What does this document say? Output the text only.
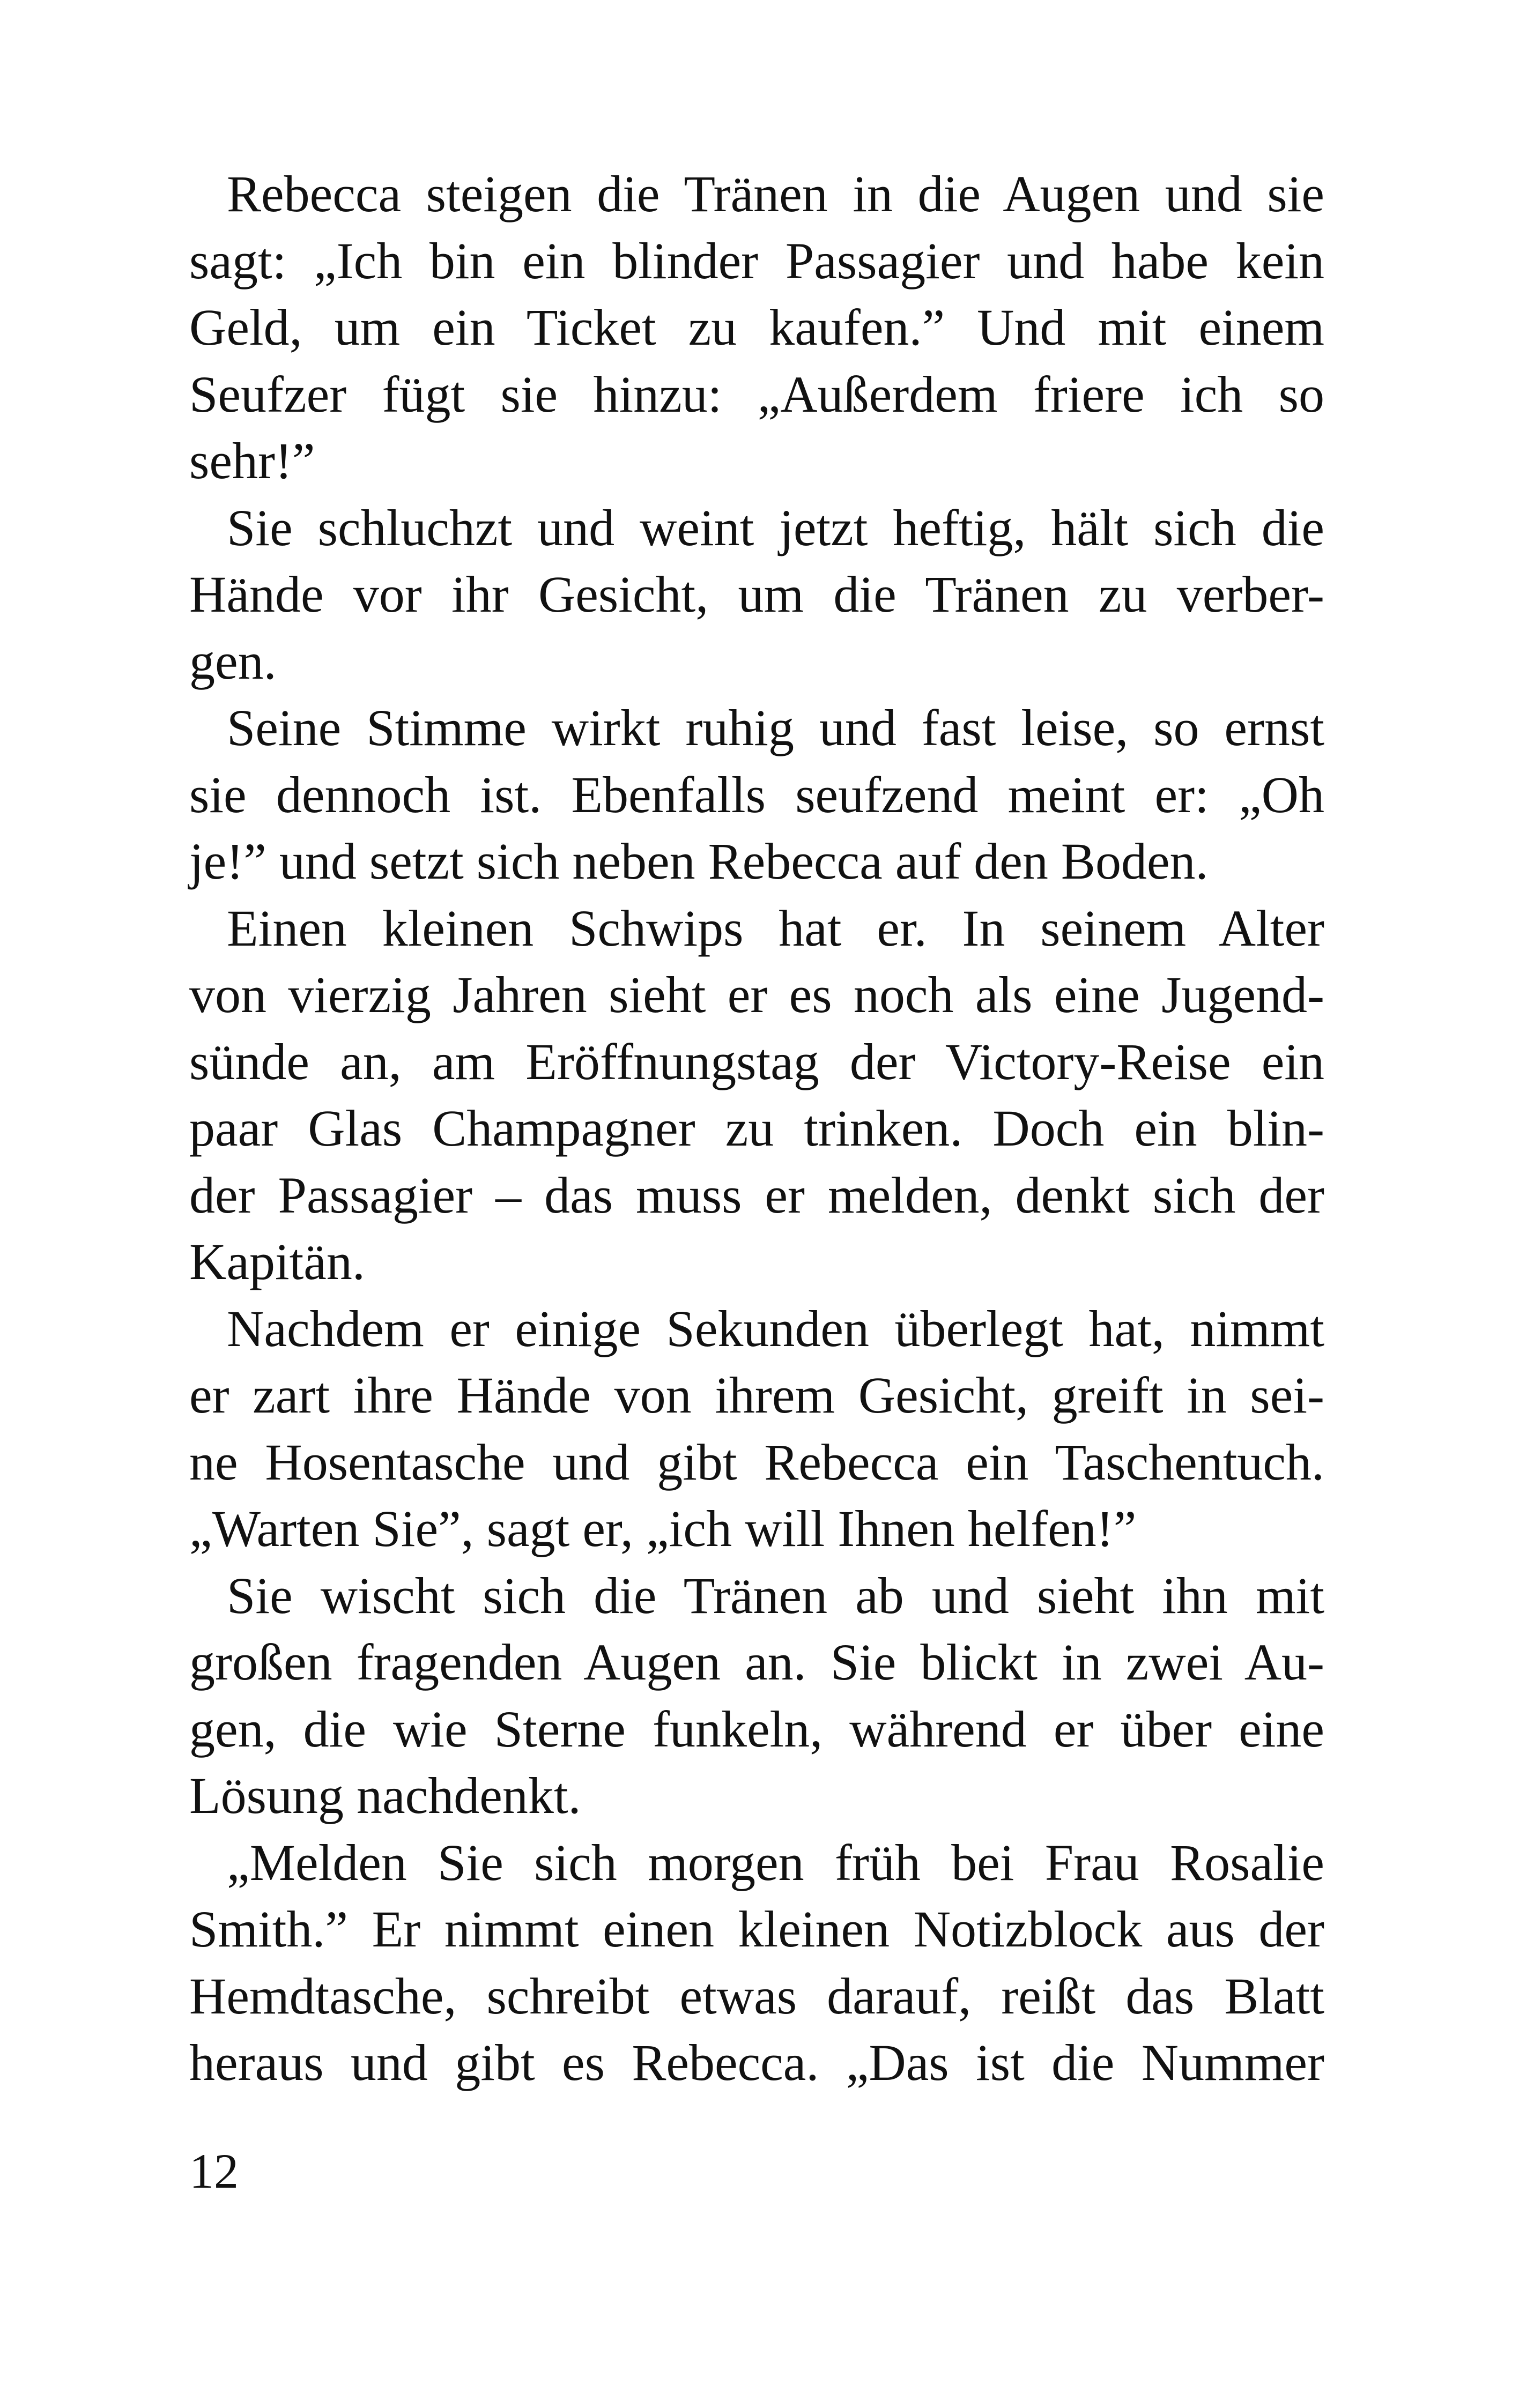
Rebecca steigen die Tränen in die Augen und sie
sagt: „Ich bin ein blinder Passagier und habe kein
Geld, um ein Ticket zu kaufen.” Und mit einem
Seufzer fügt sie hinzu: „Außerdem friere ich so
sehr!”
Sie schluchzt und weint jetzt heftig, hält sich die
Hände vor ihr Gesicht, um die Tränen zu verber-
gen.
Seine Stimme wirkt ruhig und fast leise, so ernst
sie dennoch ist. Ebenfalls seufzend meint er: „Oh
je!” und setzt sich neben Rebecca auf den Boden.
Einen kleinen Schwips hat er. In seinem Alter
von vierzig Jahren sieht er es noch als eine Jugend-
sünde an, am Eröffnungstag der Victory-Reise ein
paar Glas Champagner zu trinken. Doch ein blin-
der Passagier – das muss er melden, denkt sich der
Kapitän.
Nachdem er einige Sekunden überlegt hat, nimmt
er zart ihre Hände von ihrem Gesicht, greift in sei-
ne Hosentasche und gibt Rebecca ein Taschentuch.
„Warten Sie”, sagt er, „ich will Ihnen helfen!”
Sie wischt sich die Tränen ab und sieht ihn mit
großen fragenden Augen an. Sie blickt in zwei Au-
gen, die wie Sterne funkeln, während er über eine
Lösung nachdenkt.
„Melden Sie sich morgen früh bei Frau Rosalie
Smith.” Er nimmt einen kleinen Notizblock aus der
Hemdtasche, schreibt etwas darauf, reißt das Blatt
heraus und gibt es Rebecca. „Das ist die Nummer
12
